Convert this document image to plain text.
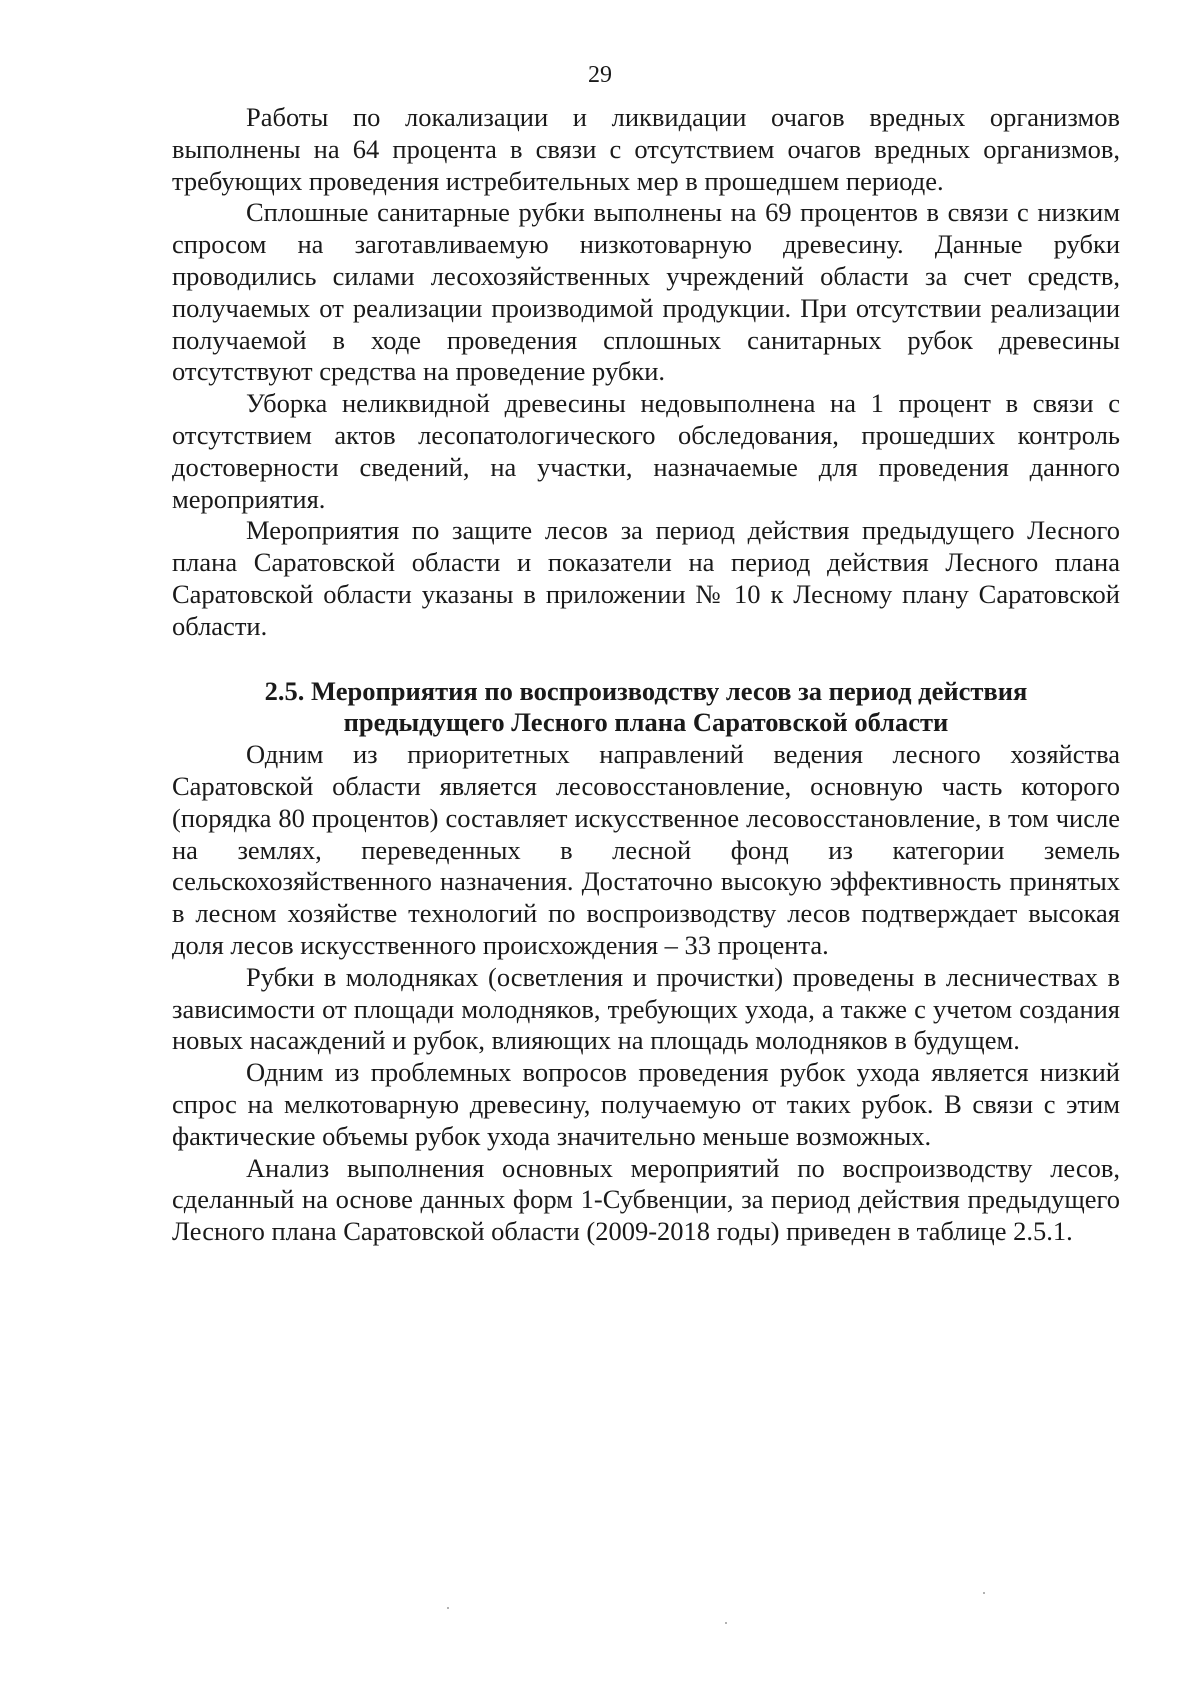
29

Работы по локализации и ликвидации очагов вредных организмов выполнены на 64 процента в связи с отсутствием очагов вредных организмов, требующих проведения истребительных мер в прошедшем периоде.

Сплошные санитарные рубки выполнены на 69 процентов в связи с низким спросом на заготавливаемую низкотоварную древесину. Данные рубки проводились силами лесохозяйственных учреждений области за счет средств, получаемых от реализации производимой продукции. При отсутствии реализации получаемой в ходе проведения сплошных санитарных рубок древесины отсутствуют средства на проведение рубки.

Уборка неликвидной древесины недовыполнена на 1 процент в связи с отсутствием актов лесопатологического обследования, прошедших контроль достоверности сведений, на участки, назначаемые для проведения данного мероприятия.

Мероприятия по защите лесов за период действия предыдущего Лесного плана Саратовской области и показатели на период действия Лесного плана Саратовской области указаны в приложении № 10 к Лесному плану Саратовской области.

2.5. Мероприятия по воспроизводству лесов за период действия предыдущего Лесного плана Саратовской области

Одним из приоритетных направлений ведения лесного хозяйства Саратовской области является лесовосстановление, основную часть которого (порядка 80 процентов) составляет искусственное лесовосстановление, в том числе на землях, переведенных в лесной фонд из категории земель сельскохозяйственного назначения. Достаточно высокую эффективность принятых в лесном хозяйстве технологий по воспроизводству лесов подтверждает высокая доля лесов искусственного происхождения – 33 процента.

Рубки в молодняках (осветления и прочистки) проведены в лесничествах в зависимости от площади молодняков, требующих ухода, а также с учетом создания новых насаждений и рубок, влияющих на площадь молодняков в будущем.

Одним из проблемных вопросов проведения рубок ухода является низкий спрос на мелкотоварную древесину, получаемую от таких рубок. В связи с этим фактические объемы рубок ухода значительно меньше возможных.

Анализ выполнения основных мероприятий по воспроизводству лесов, сделанный на основе данных форм 1-Субвенции, за период действия предыдущего Лесного плана Саратовской области (2009-2018 годы) приведен в таблице 2.5.1.
